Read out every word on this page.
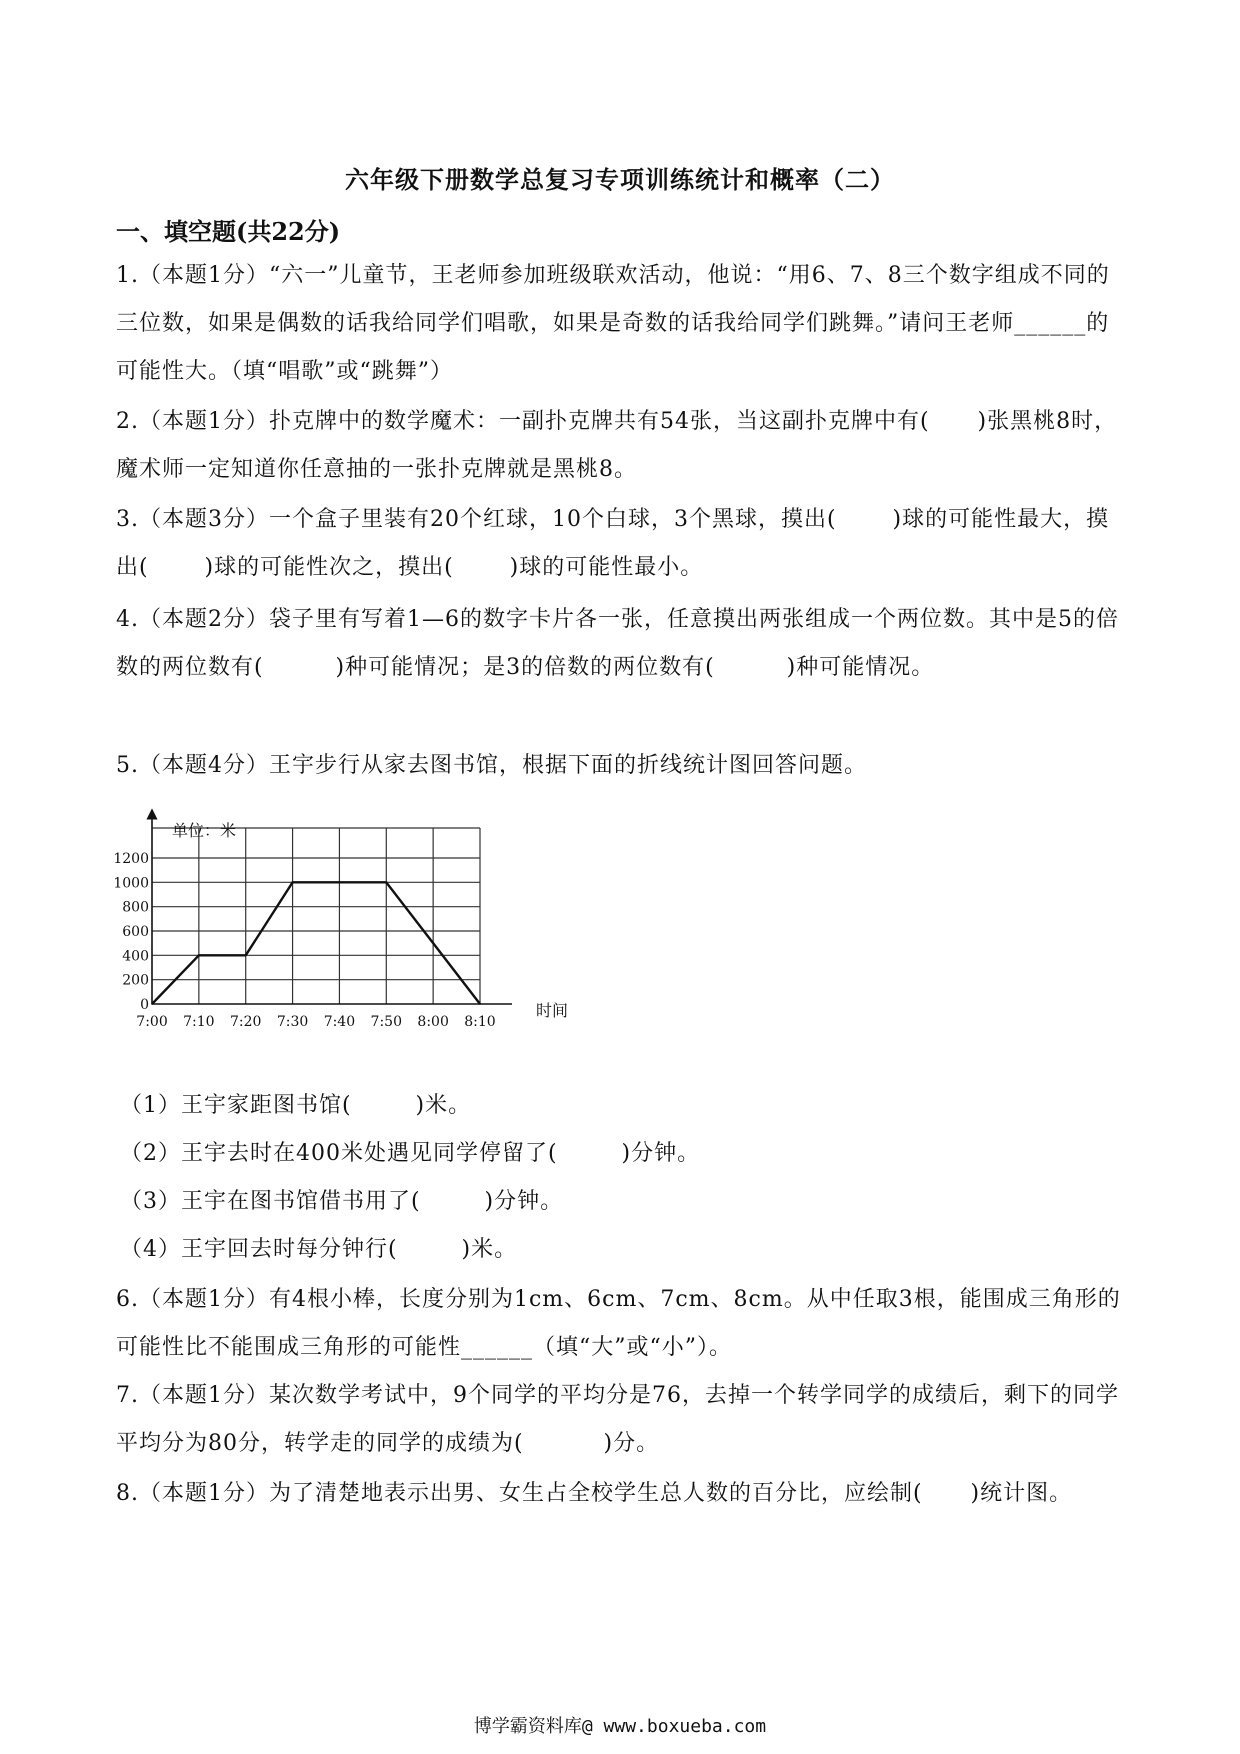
六年级下册数学总复习专项训练统计和概率（二）
一、填空题(共22分)
1.（本题1分）“六一”儿童节，王老师参加班级联欢活动，他说：“用6、7、8三个数字组成不同的三位数，如果是偶数的话我给同学们唱歌，如果是奇数的话我给同学们跳舞。”请问王老师______的可能性大。（填“唱歌”或“跳舞”）
2.（本题1分）扑克牌中的数学魔术：一副扑克牌共有54张，当这副扑克牌中有(      )张黑桃8时，魔术师一定知道你任意抽的一张扑克牌就是黑桃8。
3.（本题3分）一个盒子里装有20个红球，10个白球，3个黑球，摸出(       )球的可能性最大，摸出(       )球的可能性次之，摸出(       )球的可能性最小。
4.（本题2分）袋子里有写着1—6的数字卡片各一张，任意摸出两张组成一个两位数。其中是5的倍数的两位数有(         )种可能情况；是3的倍数的两位数有(         )种可能情况。
5.（本题4分）王宇步行从家去图书馆，根据下面的折线统计图回答问题。
0
200
400
600
800
1000
1200
7:00 7:10 7:20 7:30 7:40 7:50 8:00 8:10
单位：米
时间
（1）王宇家距图书馆(        )米。
（2）王宇去时在400米处遇见同学停留了(        )分钟。
（3）王宇在图书馆借书用了(        )分钟。
（4）王宇回去时每分钟行(        )米。
6.（本题1分）有4根小棒，长度分别为1cm、6cm、7cm、8cm。从中任取3根，能围成三角形的可能性比不能围成三角形的可能性______（填“大”或“小”）。
7.（本题1分）某次数学考试中，9个同学的平均分是76，去掉一个转学同学的成绩后，剩下的同学平均分为80分，转学走的同学的成绩为(          )分。
8.（本题1分）为了清楚地表示出男、女生占全校学生总人数的百分比，应绘制(      )统计图。
博学霸资料库@ www.boxueba.com
